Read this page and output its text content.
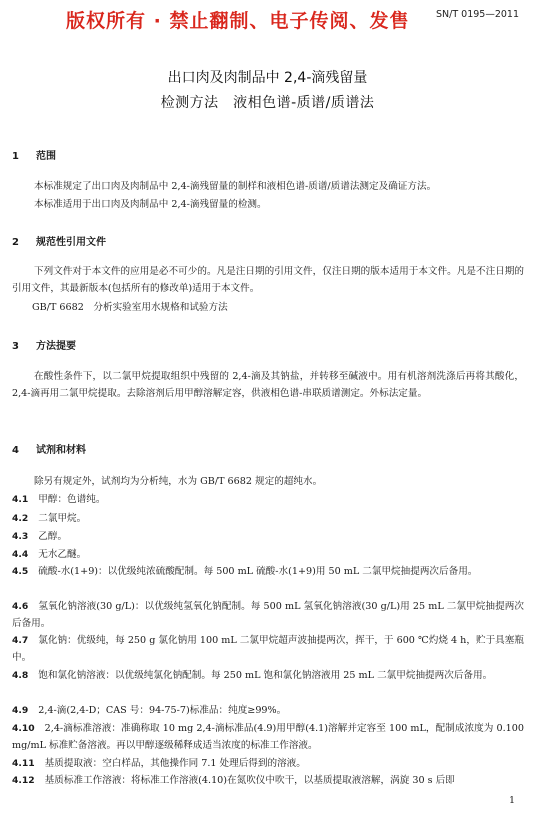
版权所有 · 禁止翻制、电子传阅、发售	SN/T 0195—2011
出口肉及肉制品中 2,4-滴残留量
检测方法　液相色谱-质谱/质谱法
1 范围
本标准规定了出口肉及肉制品中 2,4-滴残留量的制样和液相色谱-质谱/质谱法测定及确证方法。
本标准适用于出口肉及肉制品中 2,4-滴残留量的检测。
2 规范性引用文件
下列文件对于本文件的应用是必不可少的。凡是注日期的引用文件，仅注日期的版本适用于本文件。凡是不注日期的引用文件，其最新版本(包括所有的修改单)适用于本文件。
GB/T 6682　分析实验室用水规格和试验方法
3 方法提要
在酸性条件下，以二氯甲烷提取组织中残留的 2,4-滴及其钠盐，并转移至碱液中。用有机溶剂洗涤后再将其酸化，2,4-滴再用二氯甲烷提取。去除溶剂后用甲醇溶解定容，供液相色谱-串联质谱测定。外标法定量。
4 试剂和材料
除另有规定外，试剂均为分析纯，水为 GB/T 6682 规定的超纯水。
4.1 甲醇：色谱纯。
4.2 二氯甲烷。
4.3 乙醇。
4.4 无水乙醚。
4.5 硫酸-水(1+9)：以优级纯浓硫酸配制。每 500 mL 硫酸-水(1+9)用 50 mL 二氯甲烷抽提两次后备用。
4.6 氢氧化钠溶液(30 g/L)：以优级纯氢氧化钠配制。每 500 mL 氢氧化钠溶液(30 g/L)用 25 mL 二氯甲烷抽提两次后备用。
4.7 氯化钠：优级纯，每 250 g 氯化钠用 100 mL 二氯甲烷超声波抽提两次，挥干，于 600 ℃灼烧 4 h，贮于具塞瓶中。
4.8 饱和氯化钠溶液：以优级纯氯化钠配制。每 250 mL 饱和氯化钠溶液用 25 mL 二氯甲烷抽提两次后备用。
4.9 2,4-滴(2,4-D；CAS 号：94-75-7)标准品：纯度≥99%。
4.10 2,4-滴标准溶液：准确称取 10 mg 2,4-滴标准品(4.9)用甲醇(4.1)溶解并定容至 100 mL，配制成浓度为 0.100 mg/mL 标准贮备溶液。再以甲醇逐级稀释成适当浓度的标准工作溶液。
4.11 基质提取液：空白样品，其他操作同 7.1 处理后得到的溶液。
4.12 基质标准工作溶液：将标准工作溶液(4.10)在氮吹仪中吹干，以基质提取液溶解，涡旋 30 s 后即
1
